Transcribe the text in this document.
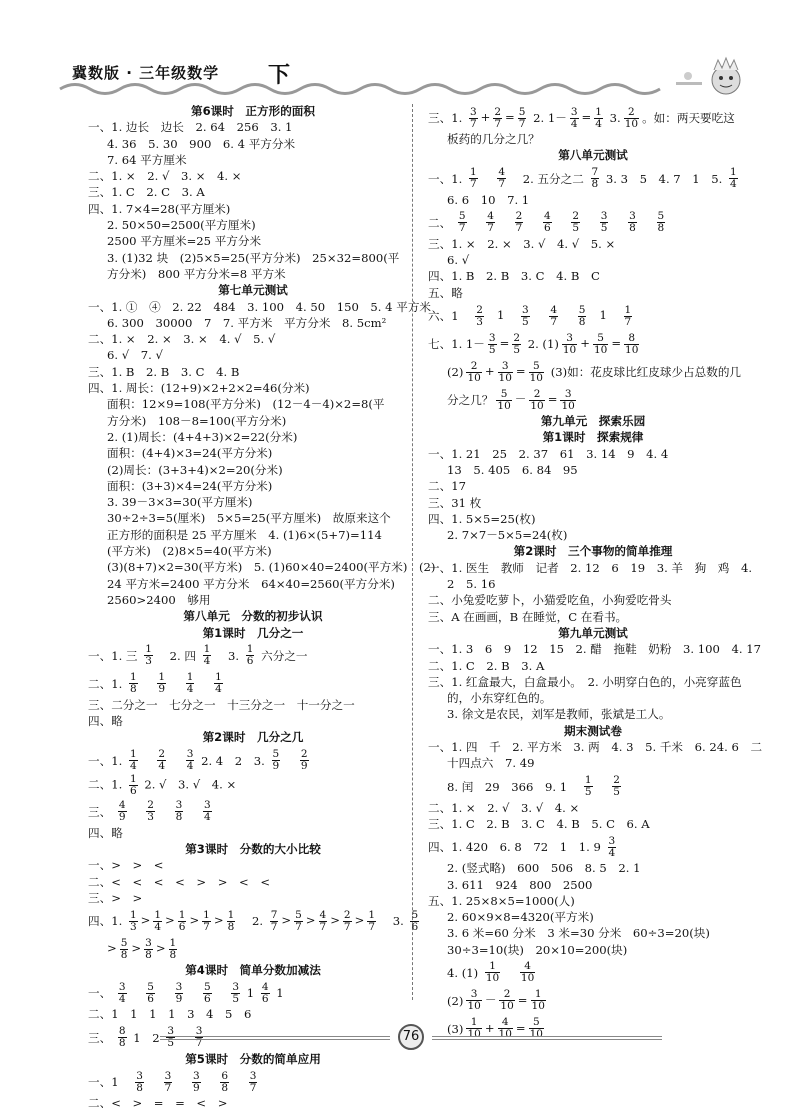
冀数版 · 三年级数学 下
第6课时　正方形的面积
一、1. 边长　边长　2. 64　256　3. 1
4. 36　5. 30　900　6. 4 平方分米
7. 64 平方厘米
二、1. ×　2. √　3. ×　4. ×
三、1. C　2. C　3. A
四、1. 7×4=28(平方厘米)
2. 50×50=2500(平方厘米)
2500 平方厘米=25 平方分米
3. (1)32 块　(2)5×5=25(平方分米)　25×32=800(平
方分米)　800 平方分米=8 平方米
第七单元测试
一、1. ①　④　2. 22　484　3. 100　4. 50　150　5. 4 平方米
6. 300　30000　7　7. 平方米　平方分米　8. 5cm²
二、1. ×　2. ×　3. ×　4. √　5. √
6. √　7. √
三、1. B　2. B　3. C　4. B
四、1. 周长：(12+9)×2+2×2=46(分米)
面积：12×9=108(平方分米)　(12－4－4)×2=8(平
方分米)　108－8=100(平方分米)
2. (1)周长：(4+4+3)×2=22(分米)
面积：(4+4)×3=24(平方分米)
(2)周长：(3+3+4)×2=20(分米)
面积：(3+3)×4=24(平方分米)
3. 39－3×3=30(平方厘米)
30÷2÷3=5(厘米)　5×5=25(平方厘米)　故原来这个
正方形的面积是 25 平方厘米　4. (1)6×(5+7)=114
(平方米)　(2)8×5=40(平方米)
(3)(8+7)×2=30(平方米)　5. (1)60×40=2400(平方米)　(2)
24 平方米=2400 平方分米　64×40=2560(平方分米)
2560>2400　够用
第八单元　分数的初步认识
第1课时　几分之一
一、1. 三 $\frac{1}{3} 2$. 四 $\frac{1}{4} 3$. $\frac{1}{6}$ 六分之一
二、1. $\frac{1}{8}$
$\frac{1}{9}$
$\frac{1}{4}$
$\frac{1}{4}$
三、二分之一　七分之一　十三分之一　十一分之一
四、略
第2课时　几分之几
一、1. $\frac{1}{4}$
$\frac{2}{4}$
$\frac{3}{4} 2$. 4　2　3. $\frac{5}{9}$
$\frac{2}{9}$
二、1. $\frac{1}{6} 2$. √　3. √　4. ×
三、 $\frac{4}{9}$
$\frac{2}{3}$
$\frac{3}{8}$
$\frac{3}{4}$
四、略
第3课时　分数的大小比较
一、>　>　<
二、<　<　<　<　>　>　<　<
三、>　>
四、1. $\frac{1}{3} > \frac{1}{4} > \frac{1}{6} > \frac{1}{7} > \frac{1}{8} 2$. $\frac{7}{7} > \frac{5}{7} > \frac{4}{7} > \frac{2}{7} > \frac{1}{7} 3$. $\frac{5}{6}$
> $\frac{5}{8} > \frac{3}{8} > \frac{1}{8}$
第4课时　简单分数加减法
一、 $\frac{3}{4}$
$\frac{5}{6}$
$\frac{3}{9}$
$\frac{5}{6}$
$\frac{3}{5} 1 \frac{4}{6} 1$
二、1　1　1　1　3　4　5　6
三、 $\frac{8}{8} 1$　$2 \frac{3}{5}$
$\frac{3}{7}$
第5课时　分数的简单应用
一、$1 \frac{3}{8}$
$\frac{3}{7}$
$\frac{3}{9}$
$\frac{6}{8}$
$\frac{3}{7}$
二、<　>　=　=　<　>
三、1. $\frac{3}{7} + \frac{2}{7} = \frac{5}{7} 2$. $1- \frac{3}{4} = \frac{1}{4} 3$. $\frac{2}{10}$ 。如：两天要吃这
板药的几分之几？
第八单元测试
一、1. $\frac{1}{7}$
$\frac{4}{7} 2$. 五分之二 $\frac{7}{8} 3$. 3　5　4. 7　1　5. $\frac{1}{4}$
6. 6　10　7. 1
二、 $\frac{5}{7}$
$\frac{4}{7}$
$\frac{2}{7}$
$\frac{4}{6}$
$\frac{2}{5}$
$\frac{3}{5}$
$\frac{3}{8}$
$\frac{5}{8}$
三、1. ×　2. ×　3. √　4. √　5. ×
6. √
四、1. B　2. B　3. C　4. B　C
五、略
六、$1 \frac{2}{3} 1 \frac{3}{5}$
$\frac{4}{7}$
$\frac{5}{8} 1 \frac{1}{7}$
七、1. $1- \frac{3}{5} = \frac{2}{5} 2$. $(1) \frac{3}{10} + \frac{5}{10} = \frac{8}{10}$
$(2) \frac{2}{10} + \frac{3}{10} = \frac{5}{10} (3)$如：花皮球比红皮球少占总数的几
分之几？ $\frac{5}{10} - \frac{2}{10} = \frac{3}{10}$
第九单元　探索乐园
第1课时　探索规律
一、1. 21　25　2. 37　61　3. 14　9　4. 4
13　5. 405　6. 84　95
二、17
三、31 枚
四、1. 5×5=25(枚)
2. 7×7－5×5=24(枚)
第2课时　三个事物的简单推理
一、1. 医生　教师　记者　2. 12　6　19　3. 羊　狗　鸡　4.
2　5. 16
二、小兔爱吃萝卜，小猫爱吃鱼，小狗爱吃骨头
三、A 在画画，B 在睡觉，C 在看书。
第九单元测试
一、1. 3　6　9　12　15　2. 醋　拖鞋　奶粉　3. 100　4. 17
二、1. C　2. B　3. A
三、1. 红盒最大，白盒最小。　2. 小明穿白色的，小亮穿蓝色
的，小东穿红色的。
3. 徐文是农民，刘军是教师，张斌是工人。
期末测试卷
一、1. 四　千　2. 平方米　3. 两　4. 3　5. 千米　6. 24. 6　二
十四点六　7. 49
8. 闰　29　366　9. $1 \frac{1}{5}$
$\frac{2}{5}$
二、1. ×　2. √　3. √　4. ×
三、1. C　2. B　3. C　4. B　5. C　6. A
四、1. 420　6. 8　72　1　1. $9 \frac{3}{4}$
2. (竖式略)　600　506　8. 5　2. 1
3. 611　924　800　2500
五、1. 25×8×5=1000(人)
2. 60×9×8=4320(平方米)
3. 6 米=60 分米　3 米=30 分米　60÷3=20(块)
30÷3=10(块)　20×10=200(块)
4. $(1) \frac{1}{10}$
$\frac{4}{10}$
$(2) \frac{3}{10} - \frac{2}{10} = \frac{1}{10}$
$(3) \frac{1}{10} + \frac{4}{10} = \frac{5}{10}$
76
